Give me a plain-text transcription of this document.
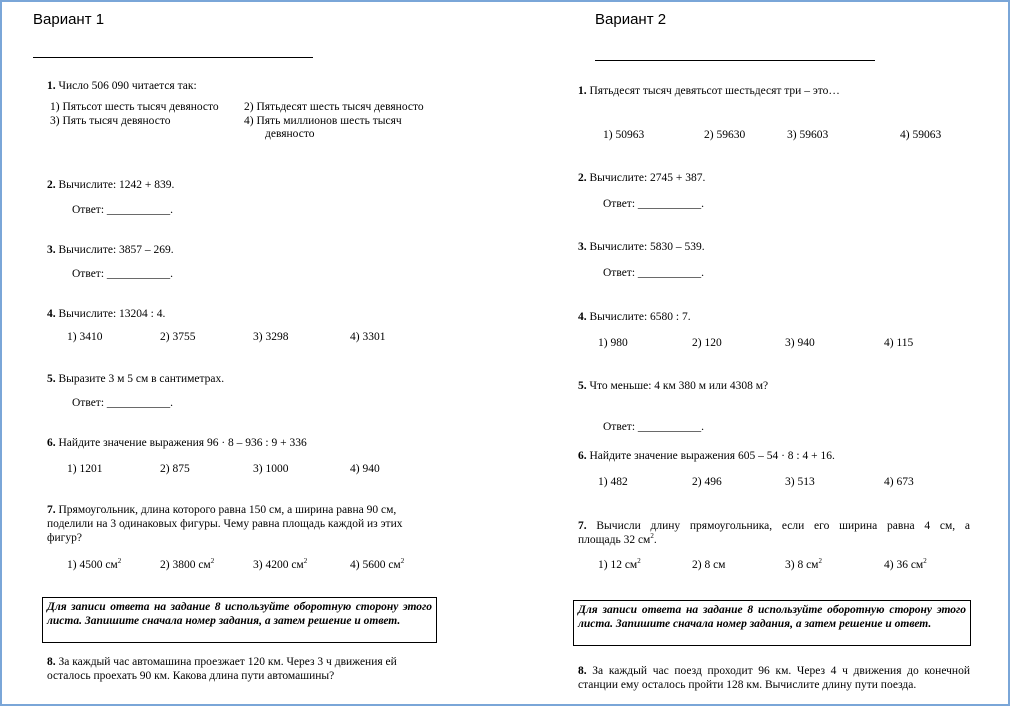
Вариант 1
1. Число 506 090 читается так:
1) Пятьсот шесть тысяч девяносто 2) Пятьдесят шесть тысяч девяносто
3) Пять тысяч девяносто	4) Пять миллионов шесть тысяч
девяносто
2. Вычислите: 1242 + 839.
Ответ: ___________.
3. Вычислите: 3857 – 269.
Ответ: ___________.
4. Вычислите: 13204 : 4.
1) 3410	2) 3755	3) 3298	4) 3301
5. Выразите 3 м 5 см в сантиметрах.
Ответ: ___________.
6. Найдите значение выражения 96 · 8 – 936 : 9 + 336
1) 1201	2) 875	3) 1000	4) 940
7. Прямоугольник, длина которого равна 150 см, а ширина равна 90 см,
поделили на 3 одинаковых фигуры. Чему равна площадь каждой из этих
фигур?
1) 4500 $см^2$	2) 3800 $см^2$	3) 4200 $см^2$	4) 5600 $см^2$
Для записи ответа на задание 8 используйте оборотную сторону этого листа. Запишите сначала номер задания, а затем решение и ответ.
8. За каждый час автомашина проезжает 120 км. Через 3 ч движения ей
осталось проехать 90 км. Какова длина пути автомашины?
Вариант 2
1. Пятьдесят тысяч девятьсот шестьдесят три – это…
1) 50963	2) 59630	3) 59603	4) 59063
2. Вычислите: 2745 + 387.
Ответ: ___________.
3. Вычислите: 5830 – 539.
Ответ: ___________.
4. Вычислите: 6580 : 7.
1) 980	2) 120	3) 940	4) 115
5. Что меньше: 4 км 380 м или 4308 м?
Ответ: ___________.
6. Найдите значение выражения 605 – 54 · 8 : 4 + 16.
1) 482	2) 496	3) 513	4) 673
7. Вычисли длину прямоугольника, если его ширина равна 4 см, а
площадь 32 $см^2$.
1) 12 $см^2$	2) 8 см	3) 8 $см^2$	4) 36 $см^2$
Для записи ответа на задание 8 используйте оборотную сторону этого листа. Запишите сначала номер задания, а затем решение и ответ.
8. За каждый час поезд проходит 96 км. Через 4 ч движения до конечной
станции ему осталось пройти 128 км. Вычислите длину пути поезда.
